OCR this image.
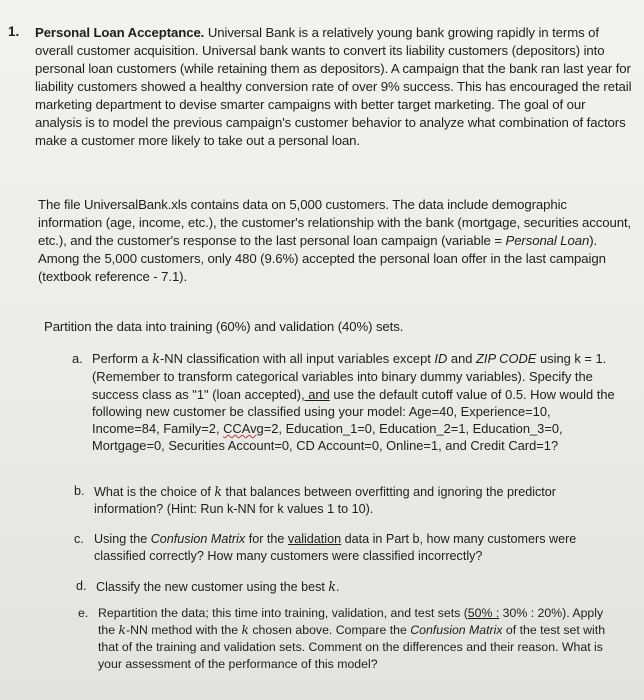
1. Personal Loan Acceptance. Universal Bank is a relatively young bank growing rapidly in terms of overall customer acquisition. Universal bank wants to convert its liability customers (depositors) into personal loan customers (while retaining them as depositors). A campaign that the bank ran last year for liability customers showed a healthy conversion rate of over 9% success. This has encouraged the retail marketing department to devise smarter campaigns with better target marketing. The goal of our analysis is to model the previous campaign's customer behavior to analyze what combination of factors make a customer more likely to take out a personal loan.

The file UniversalBank.xls contains data on 5,000 customers. The data include demographic information (age, income, etc.), the customer's relationship with the bank (mortgage, securities account, etc.), and the customer's response to the last personal loan campaign (variable = Personal Loan). Among the 5,000 customers, only 480 (9.6%) accepted the personal loan offer in the last campaign (textbook reference - 7.1).

Partition the data into training (60%) and validation (40%) sets.

a. Perform a k-NN classification with all input variables except ID and ZIP CODE using k = 1. (Remember to transform categorical variables into binary dummy variables). Specify the success class as "1" (loan accepted), and use the default cutoff value of 0.5. How would the following new customer be classified using your model: Age=40, Experience=10, Income=84, Family=2, CCAvg=2, Education_1=0, Education_2=1, Education_3=0, Mortgage=0, Securities Account=0, CD Account=0, Online=1, and Credit Card=1?
b. What is the choice of k that balances between overfitting and ignoring the predictor information? (Hint: Run k-NN for k values 1 to 10).
c. Using the Confusion Matrix for the validation data in Part b, how many customers were classified correctly? How many customers were classified incorrectly?
d. Classify the new customer using the best k.
e. Repartition the data; this time into training, validation, and test sets (50% : 30% : 20%). Apply the k-NN method with the k chosen above. Compare the Confusion Matrix of the test set with that of the training and validation sets. Comment on the differences and their reason. What is your assessment of the performance of this model?
